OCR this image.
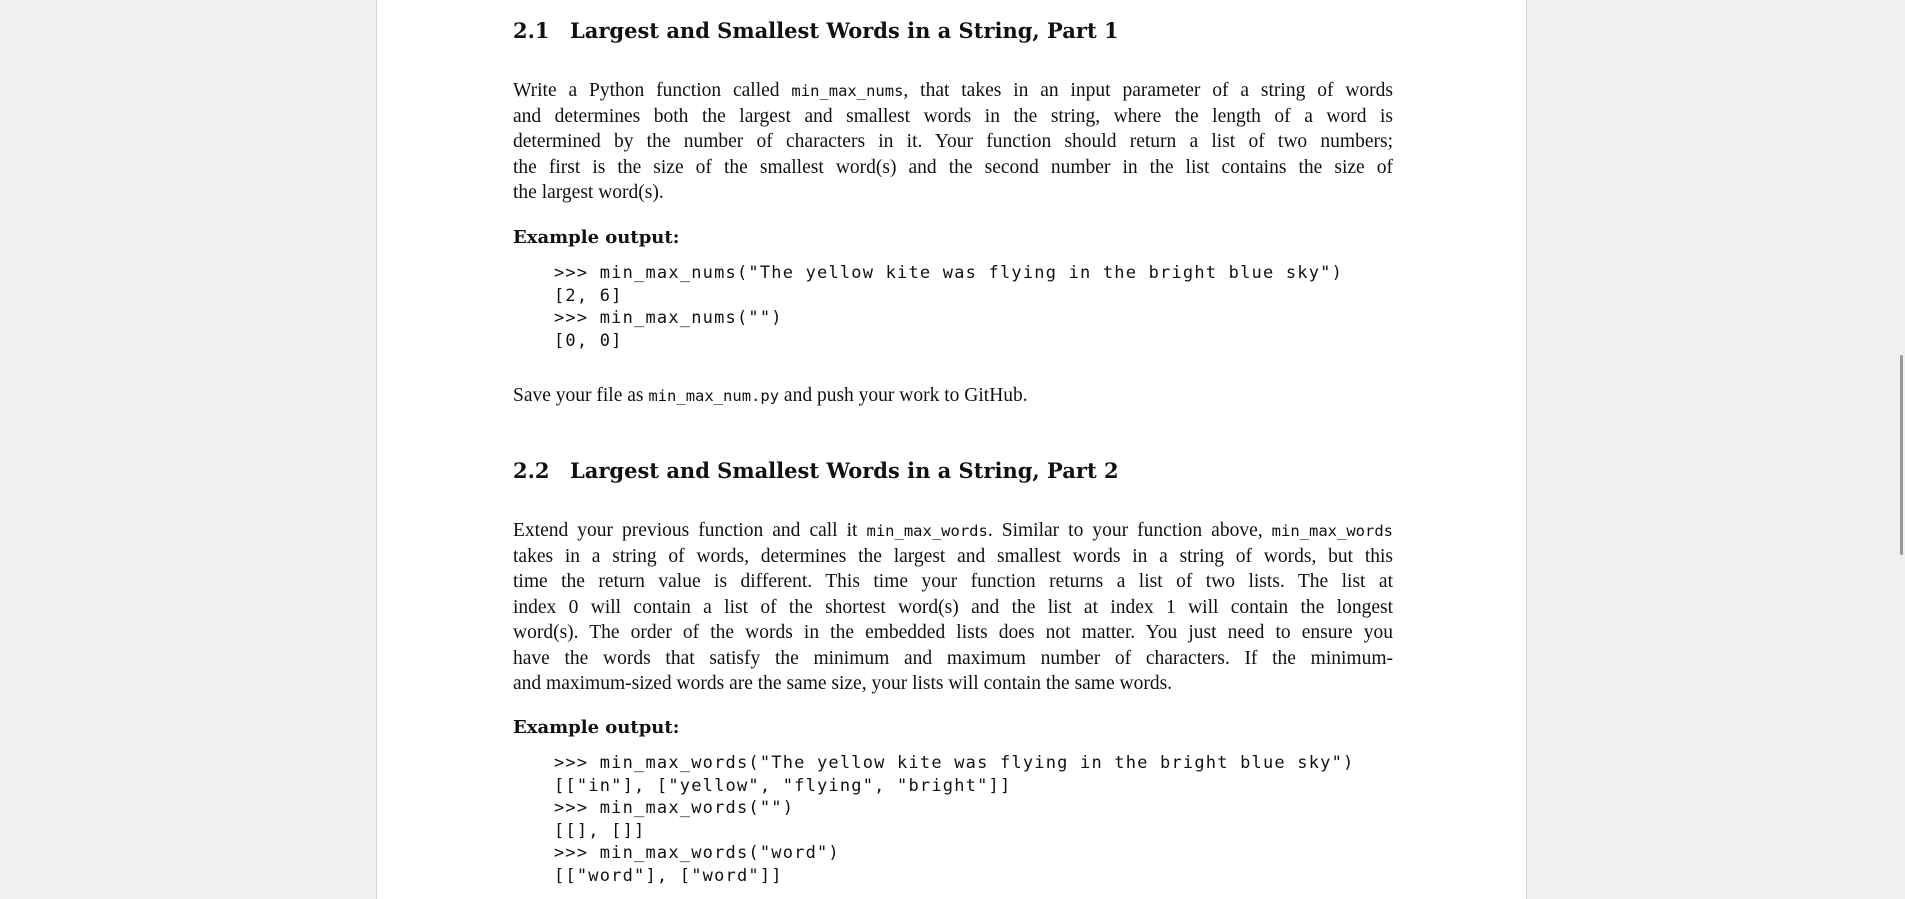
2.1 Largest and Smallest Words in a String, Part 1
Write a Python function called min_max_nums, that takes in an input parameter of a string of words
and determines both the largest and smallest words in the string, where the length of a word is
determined by the number of characters in it. Your function should return a list of two numbers;
the first is the size of the smallest word(s) and the second number in the list contains the size of
the largest word(s).
Example output:
>>> min_max_nums("The yellow kite was flying in the bright blue sky")
[2, 6]
>>> min_max_nums("")
[0, 0]
Save your file as min_max_num.py and push your work to GitHub.
2.2 Largest and Smallest Words in a String, Part 2
Extend your previous function and call it min_max_words. Similar to your function above, min_max_words
takes in a string of words, determines the largest and smallest words in a string of words, but this
time the return value is different. This time your function returns a list of two lists. The list at
index 0 will contain a list of the shortest word(s) and the list at index 1 will contain the longest
word(s). The order of the words in the embedded lists does not matter. You just need to ensure you
have the words that satisfy the minimum and maximum number of characters. If the minimum-
and maximum-sized words are the same size, your lists will contain the same words.
Example output:
>>> min_max_words("The yellow kite was flying in the bright blue sky")
[["in"], ["yellow", "flying", "bright"]]
>>> min_max_words("")
[[], []]
>>> min_max_words("word")
[["word"], ["word"]]
